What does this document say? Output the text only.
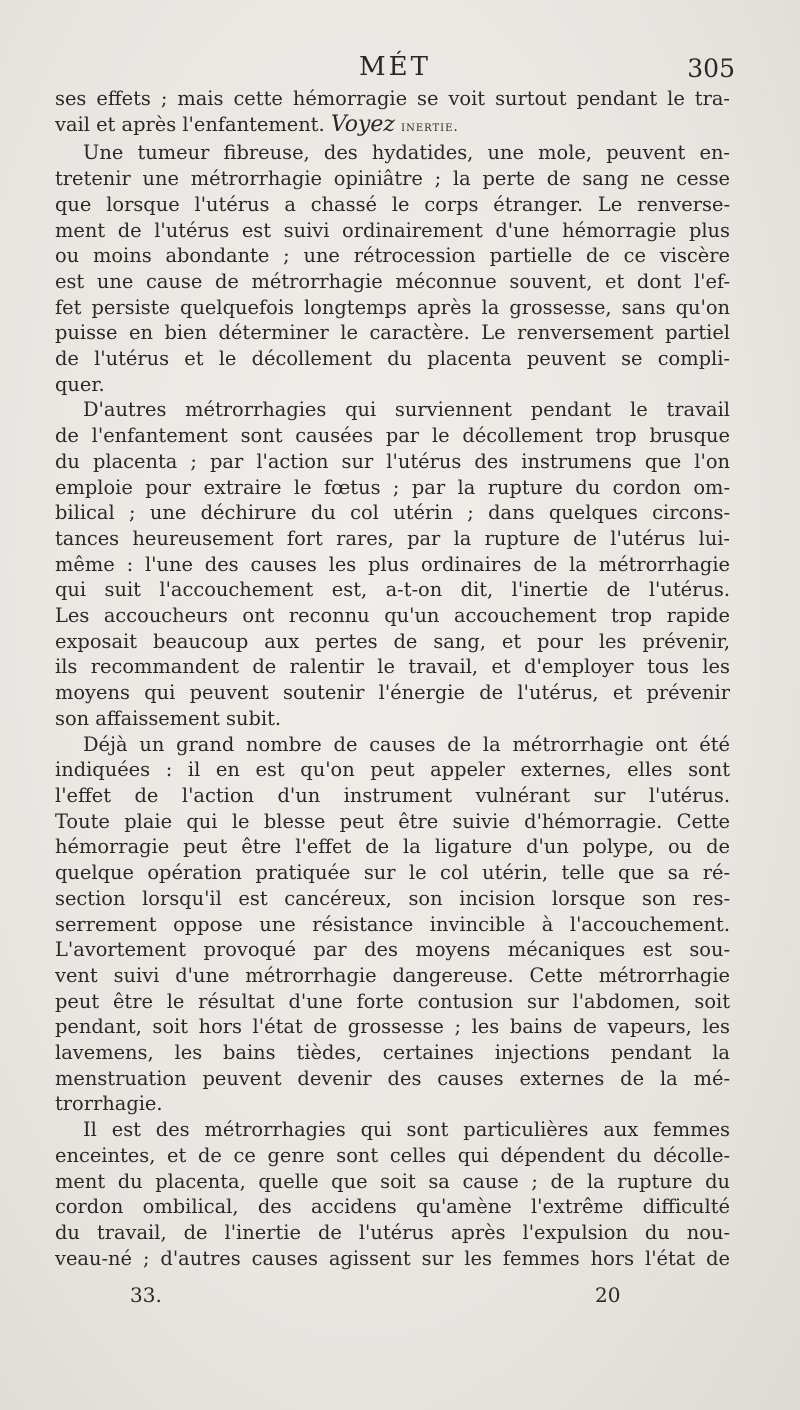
MÉT	305
ses effets ; mais cette hémorragie se voit surtout pendant le tra-
vail et après l'enfantement. Voyez inertie.
Une tumeur fibreuse, des hydatides, une mole, peuvent en-
tretenir une métrorrhagie opiniâtre ; la perte de sang ne cesse
que lorsque l'utérus a chassé le corps étranger. Le renverse-
ment de l'utérus est suivi ordinairement d'une hémorragie plus
ou moins abondante ; une rétrocession partielle de ce viscère
est une cause de métrorrhagie méconnue souvent, et dont l'ef-
fet persiste quelquefois longtemps après la grossesse, sans qu'on
puisse en bien déterminer le caractère. Le renversement partiel
de l'utérus et le décollement du placenta peuvent se compli-
quer.
D'autres métrorrhagies qui surviennent pendant le travail
de l'enfantement sont causées par le décollement trop brusque
du placenta ; par l'action sur l'utérus des instrumens que l'on
emploie pour extraire le fœtus ; par la rupture du cordon om-
bilical ; une déchirure du col utérin ; dans quelques circons-
tances heureusement fort rares, par la rupture de l'utérus lui-
même : l'une des causes les plus ordinaires de la métrorrhagie
qui suit l'accouchement est, a-t-on dit, l'inertie de l'utérus.
Les accoucheurs ont reconnu qu'un accouchement trop rapide
exposait beaucoup aux pertes de sang, et pour les prévenir,
ils recommandent de ralentir le travail, et d'employer tous les
moyens qui peuvent soutenir l'énergie de l'utérus, et prévenir
son affaissement subit.
Déjà un grand nombre de causes de la métrorrhagie ont été
indiquées : il en est qu'on peut appeler externes, elles sont
l'effet de l'action d'un instrument vulnérant sur l'utérus.
Toute plaie qui le blesse peut être suivie d'hémorragie. Cette
hémorragie peut être l'effet de la ligature d'un polype, ou de
quelque opération pratiquée sur le col utérin, telle que sa ré-
section lorsqu'il est cancéreux, son incision lorsque son res-
serrement oppose une résistance invincible à l'accouchement.
L'avortement provoqué par des moyens mécaniques est sou-
vent suivi d'une métrorrhagie dangereuse. Cette métrorrhagie
peut être le résultat d'une forte contusion sur l'abdomen, soit
pendant, soit hors l'état de grossesse ; les bains de vapeurs, les
lavemens, les bains tièdes, certaines injections pendant la
menstruation peuvent devenir des causes externes de la mé-
trorrhagie.
Il est des métrorrhagies qui sont particulières aux femmes
enceintes, et de ce genre sont celles qui dépendent du décolle-
ment du placenta, quelle que soit sa cause ; de la rupture du
cordon ombilical, des accidens qu'amène l'extrême difficulté
du travail, de l'inertie de l'utérus après l'expulsion du nou-
veau-né ; d'autres causes agissent sur les femmes hors l'état de
33.	20
